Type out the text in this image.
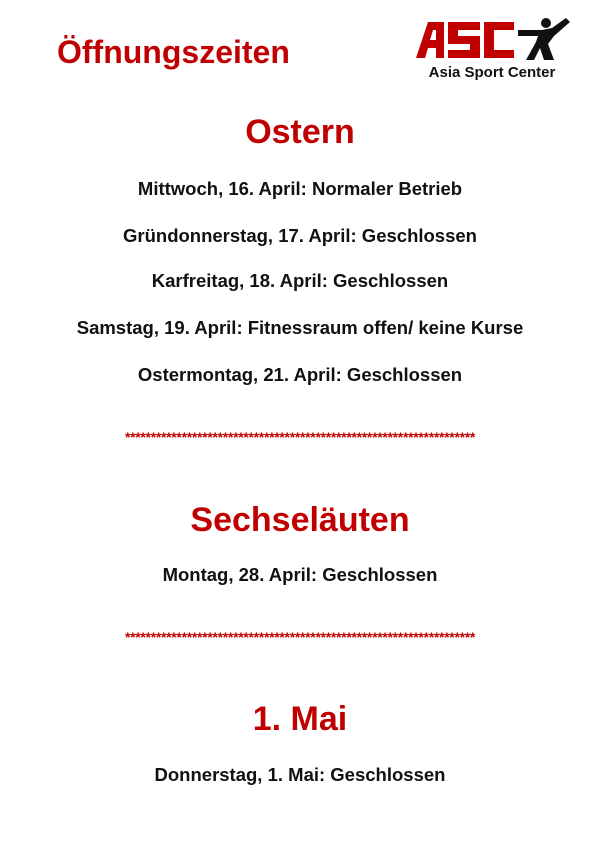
Öffnungszeiten
Asia Sport Center
Ostern
Mittwoch, 16. April: Normaler Betrieb
Gründonnerstag, 17. April: Geschlossen
Karfreitag, 18. April: Geschlossen
Samstag, 19. April: Fitnessraum offen/ keine Kurse
Ostermontag, 21. April: Geschlossen
********************************************************************
Sechseläuten
Montag, 28. April: Geschlossen
********************************************************************
1. Mai
Donnerstag, 1. Mai: Geschlossen
